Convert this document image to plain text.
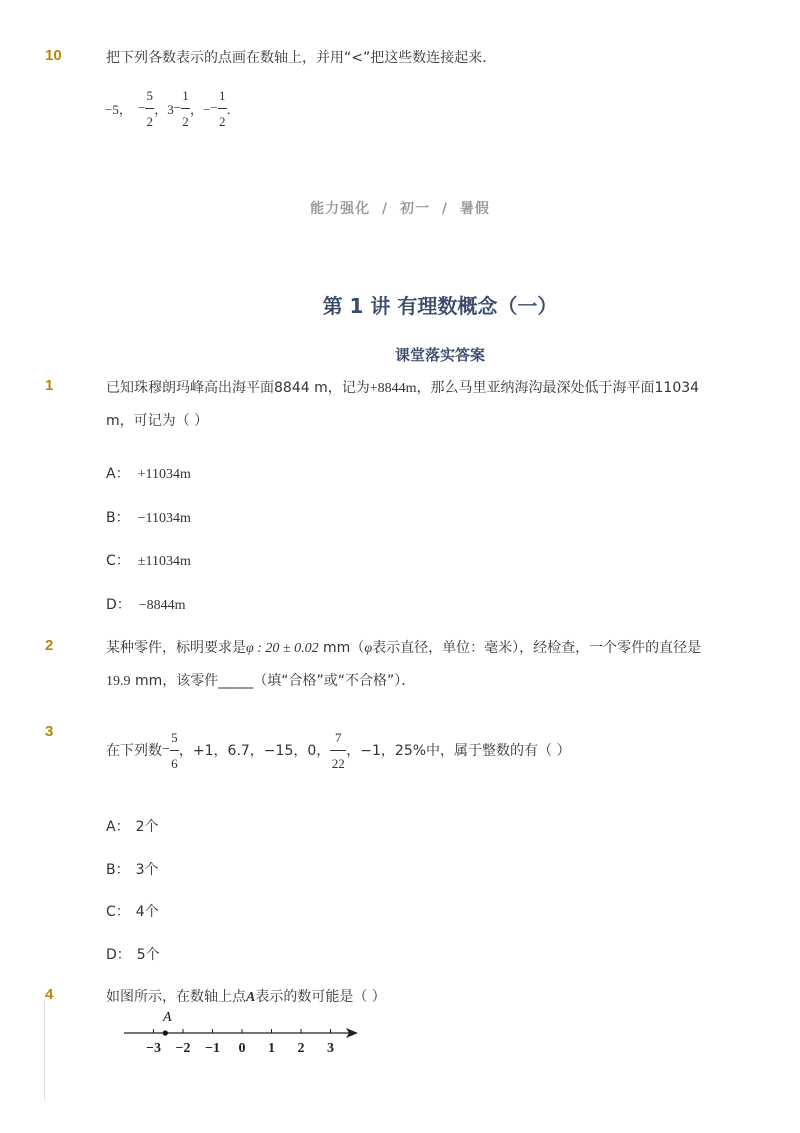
10	把下列各数表示的点画在数轴上，并用“<”把这些数连接起来．
−5， − $\frac{5}{2}$ ，$3 - \frac{1}{2}$ ，− − $\frac{1}{2}$ ．
能力强化 / 初一 / 暑假
第 1 讲 有理数概念（一）
课堂落实答案
1	已知珠穆朗玛峰高出海平面8844 m，记为+8844m，那么马里亚纳海沟最深处低于海平面11034
m，可记为（ ）
A： +11034m
B： −11034m
C： ±11034m
D： −8844m
2	某种零件，标明要求是φ : 20 ± 0.02 mm（φ表示直径，单位：毫米），经检查，一个零件的直径是
19.9 mm，该零件_____（填“合格”或“不合格”）．
3
在下列数 − $\frac{5}{6}$ ，+1，6.7，−15，0， $\frac{7}{22}$ ，−1， 25%中，属于整数的有（ ）
A： 2个
B： 3个
C： 4个
D： 5个
4	如图所示，在数轴上点A表示的数可能是（ ）
−3 −2 −1 0 1 2 3
A
